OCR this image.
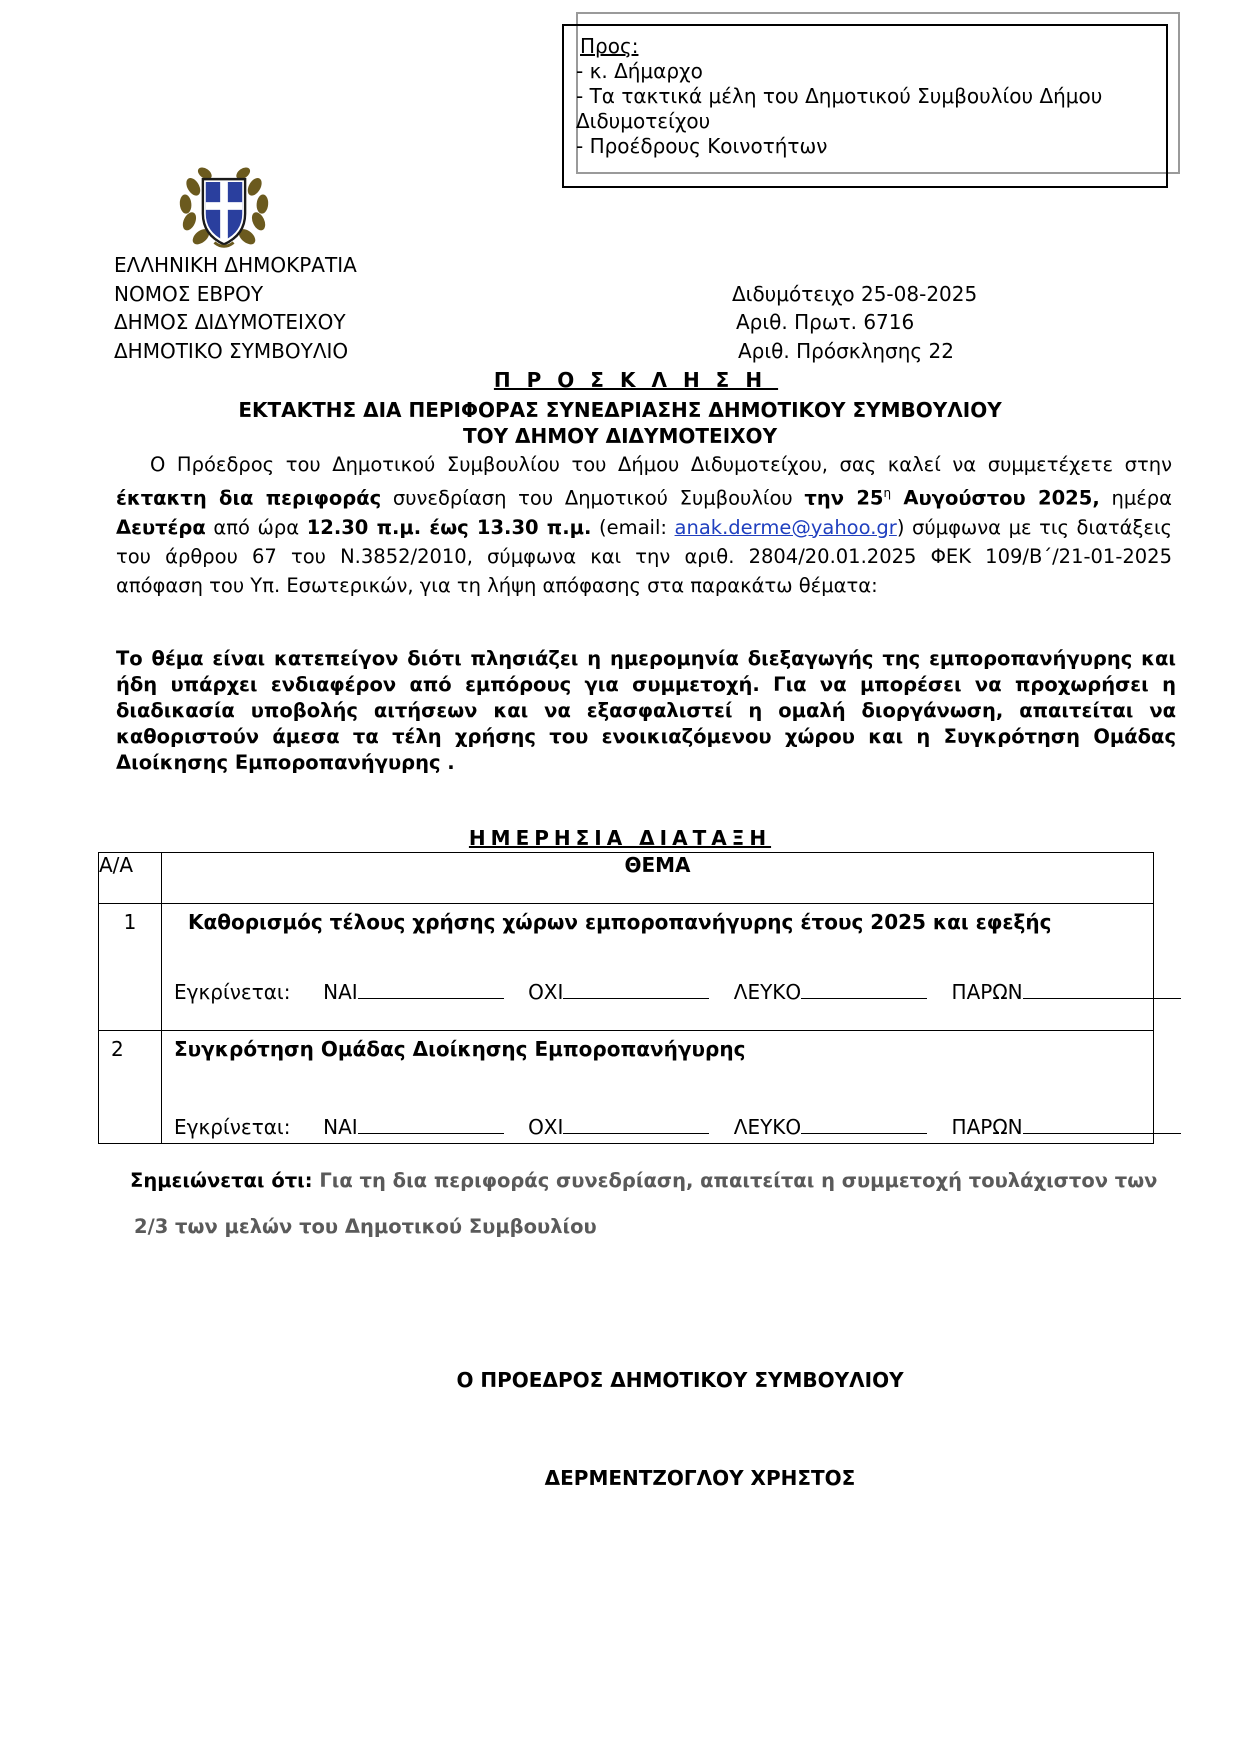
Προς:
- κ. Δήμαρχο
- Τα τακτικά μέλη του Δημοτικού Συμβουλίου Δήμου Διδυμοτείχου
- Προέδρους Κοινοτήτων
ΕΛΛΗΝΙΚΗ ΔΗΜΟΚΡΑΤΙΑ
ΝΟΜΟΣ ΕΒΡΟΥ
ΔΗΜΟΣ ΔΙΔΥΜΟΤΕΙΧΟΥ
ΔΗΜΟΤΙΚΟ ΣΥΜΒΟΥΛΙΟ
Διδυμότειχο 25-08-2025
Αριθ. Πρωτ. 6716
Αριθ. Πρόσκλησης 22
ΠΡΟΣΚΛΗΣΗ
ΕΚΤΑΚΤΗΣ ΔΙΑ ΠΕΡΙΦΟΡΑΣ ΣΥΝΕΔΡΙΑΣΗΣ ΔΗΜΟΤΙΚΟΥ ΣΥΜΒΟΥΛΙΟΥ
ΤΟΥ ΔΗΜΟΥ ΔΙΔΥΜΟΤΕΙΧΟΥ
Ο Πρόεδρος του Δημοτικού Συμβουλίου του Δήμου Διδυμοτείχου, σας καλεί να συμμετέχετε στην έκτακτη δια περιφοράς συνεδρίαση του Δημοτικού Συμβουλίου την $25^\eta$ Αυγούστου 2025, ημέρα Δευτέρα από ώρα 12.30 π.μ. έως 13.30 π.μ. (email: anak.derme@yahoo.gr) σύμφωνα με τις διατάξεις του άρθρου 67 του Ν.3852/2010, σύμφωνα και την αριθ. 2804/20.01.2025 ΦΕΚ 109/Β΄/21-01-2025 απόφαση του Υπ. Εσωτερικών, για τη λήψη απόφασης στα παρακάτω θέματα:
Το θέμα είναι κατεπείγον διότι πλησιάζει η ημερομηνία διεξαγωγής της εμποροπανήγυρης και ήδη υπάρχει ενδιαφέρον από εμπόρους για συμμετοχή. Για να μπορέσει να προχωρήσει η διαδικασία υποβολής αιτήσεων και να εξασφαλιστεί η ομαλή διοργάνωση, απαιτείται να καθοριστούν άμεσα τα τέλη χρήσης του ενοικιαζόμενου χώρου και η Συγκρότηση Ομάδας Διοίκησης Εμποροπανήγυρης .
ΗΜΕΡΗΣΙΑ ΔΙΑΤΑΞΗ
Α/Α	ΘΕΜΑ

1	Καθορισμός τέλους χρήσης χώρων εμποροπανήγυρης έτους 2025 και εφεξής
Εγκρίνεται: ΝΑΙ ΟΧΙ ΛΕΥΚΟ ΠΑΡΩΝ

2	Συγκρότηση Ομάδας Διοίκησης Εμποροπανήγυρης
Εγκρίνεται: ΝΑΙ ΟΧΙ ΛΕΥΚΟ ΠΑΡΩΝ
Σημειώνεται ότι: Για τη δια περιφοράς συνεδρίαση, απαιτείται η συμμετοχή τουλάχιστον των
2/3 των μελών του Δημοτικού Συμβουλίου
Ο ΠΡΟΕΔΡΟΣ ΔΗΜΟΤΙΚΟΥ ΣΥΜΒΟΥΛΙΟΥ
ΔΕΡΜΕΝΤΖΟΓΛΟΥ ΧΡΗΣΤΟΣ
